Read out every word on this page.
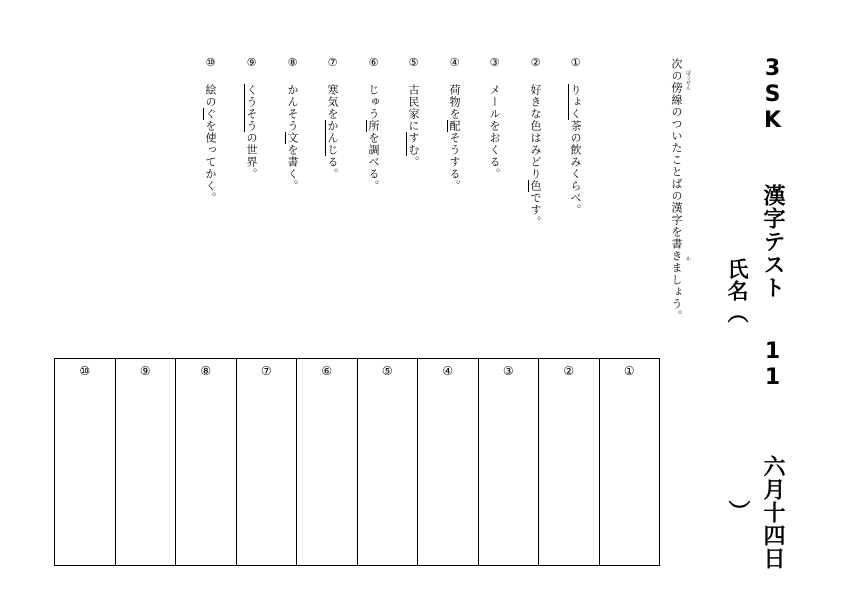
3SK 漢字テスト 11 六月十四日
氏名（
）
次の傍線のついたことばの漢字を書きましょう。 ぼうせん
か
①りょく茶の飲みくらべ。
②好きな色はみどり色です。
③メールをおくる。
④荷物を配そうする。
⑤古民家にすむ。
⑥じゅう所を調べる。
⑦寒気をかんじる。
⑧かんそう文を書く。
⑨くうそうの世界。
⑩絵のぐを使ってかく。
①
②
③
④
⑤
⑥
⑦
⑧
⑨
⑩
